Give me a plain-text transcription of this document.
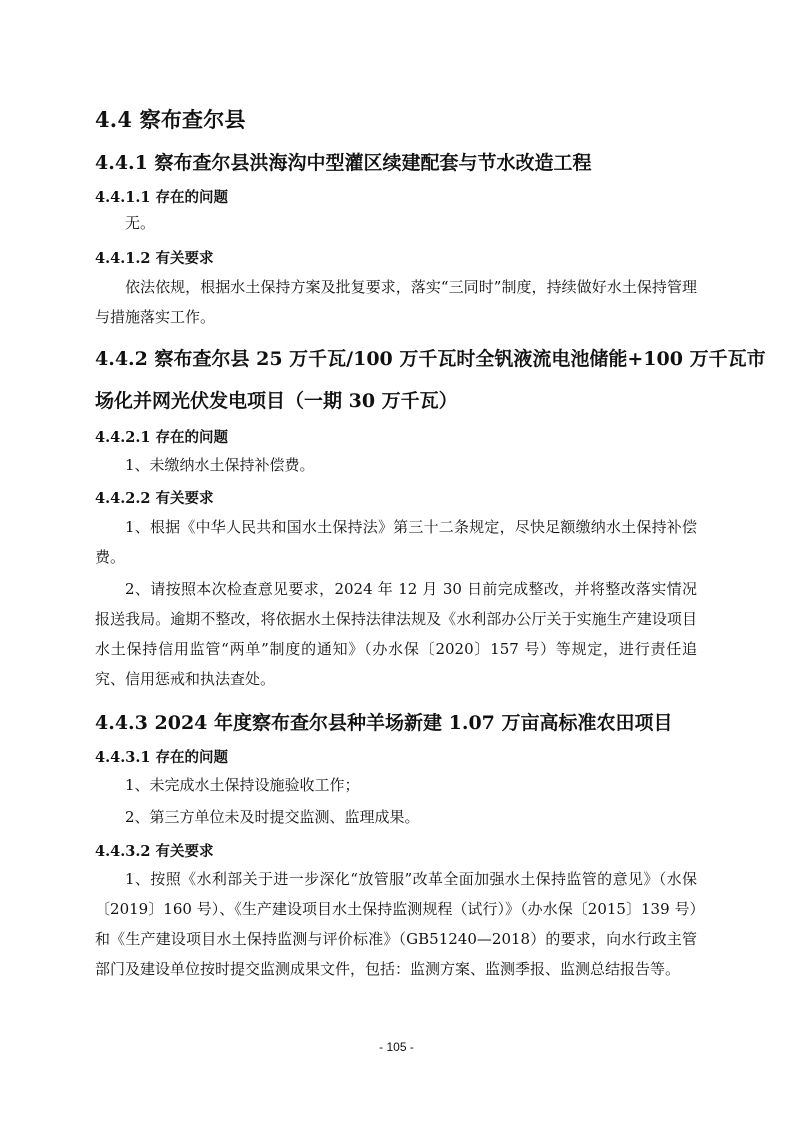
4.4 察布查尔县
4.4.1 察布查尔县洪海沟中型灌区续建配套与节水改造工程
4.4.1.1 存在的问题
无。
4.4.1.2 有关要求
依法依规，根据水土保持方案及批复要求，落实“三同时”制度，持续做好水土保持管理与措施落实工作。
4.4.2 察布查尔县 25 万千瓦/100 万千瓦时全钒液流电池储能+100 万千瓦市
场化并网光伏发电项目（一期 30 万千瓦）
4.4.2.1 存在的问题
1、未缴纳水土保持补偿费。
4.4.2.2 有关要求
1、根据《中华人民共和国水土保持法》第三十二条规定，尽快足额缴纳水土保持补偿费。
2、请按照本次检查意见要求，2024 年 12 月 30 日前完成整改，并将整改落实情况报送我局。逾期不整改，将依据水土保持法律法规及《水利部办公厅关于实施生产建设项目水土保持信用监管“两单”制度的通知》（办水保〔2020〕157 号）等规定，进行责任追究、信用惩戒和执法查处。
4.4.3 2024 年度察布查尔县种羊场新建 1.07 万亩高标准农田项目
4.4.3.1 存在的问题
1、未完成水土保持设施验收工作；
2、第三方单位未及时提交监测、监理成果。
4.4.3.2 有关要求
1、按照《水利部关于进一步深化“放管服”改革全面加强水土保持监管的意见》（水保〔2019〕160 号）、《生产建设项目水土保持监测规程（试行）》（办水保〔2015〕139 号）和《生产建设项目水土保持监测与评价标准》（GB51240—2018）的要求，向水行政主管部门及建设单位按时提交监测成果文件，包括：监测方案、监测季报、监测总结报告等。
- 105 -
